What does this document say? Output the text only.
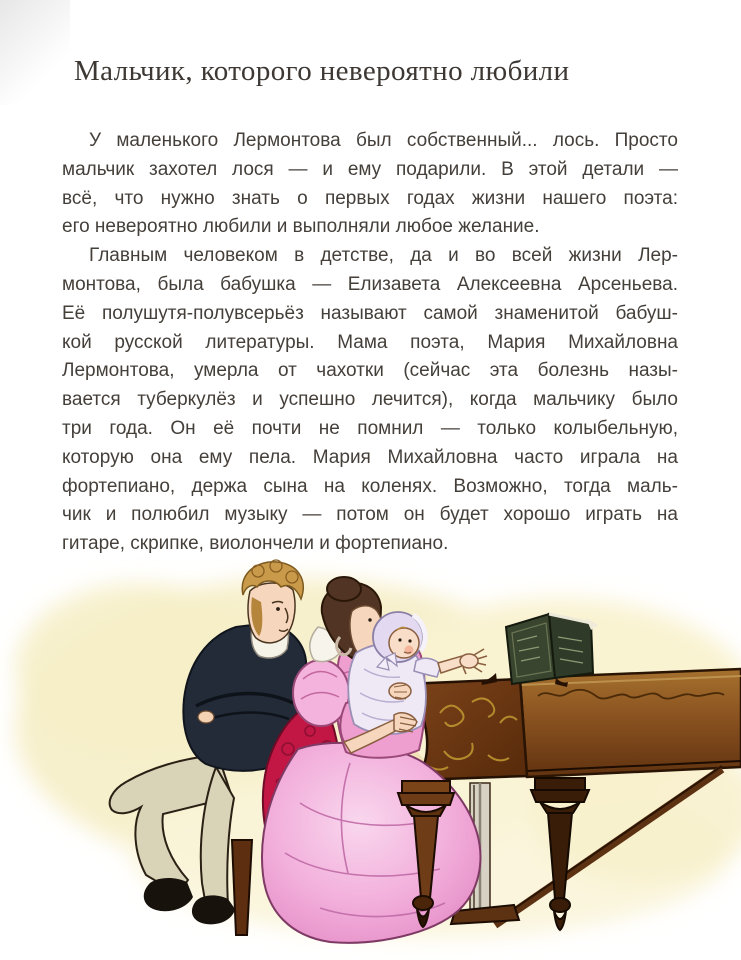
Мальчик, которого невероятно любили
У маленького Лермонтова был собственный... лось. Просто
мальчик захотел лося — и ему подарили. В этой детали —
всё, что нужно знать о первых годах жизни нашего поэта:
его невероятно любили и выполняли любое желание.
Главным человеком в детстве, да и во всей жизни Лер-
монтова, была бабушка — Елизавета Алексеевна Арсеньева.
Её полушутя-полувсерьёз называют самой знаменитой бабуш-
кой русской литературы. Мама поэта, Мария Михайловна
Лермонтова, умерла от чахотки (сейчас эта болезнь назы-
вается туберкулёз и успешно лечится), когда мальчику было
три года. Он её почти не помнил — только колыбельную,
которую она ему пела. Мария Михайловна часто играла на
фортепиано, держа сына на коленях. Возможно, тогда маль-
чик и полюбил музыку — потом он будет хорошо играть на
гитаре, скрипке, виолончели и фортепиано.
